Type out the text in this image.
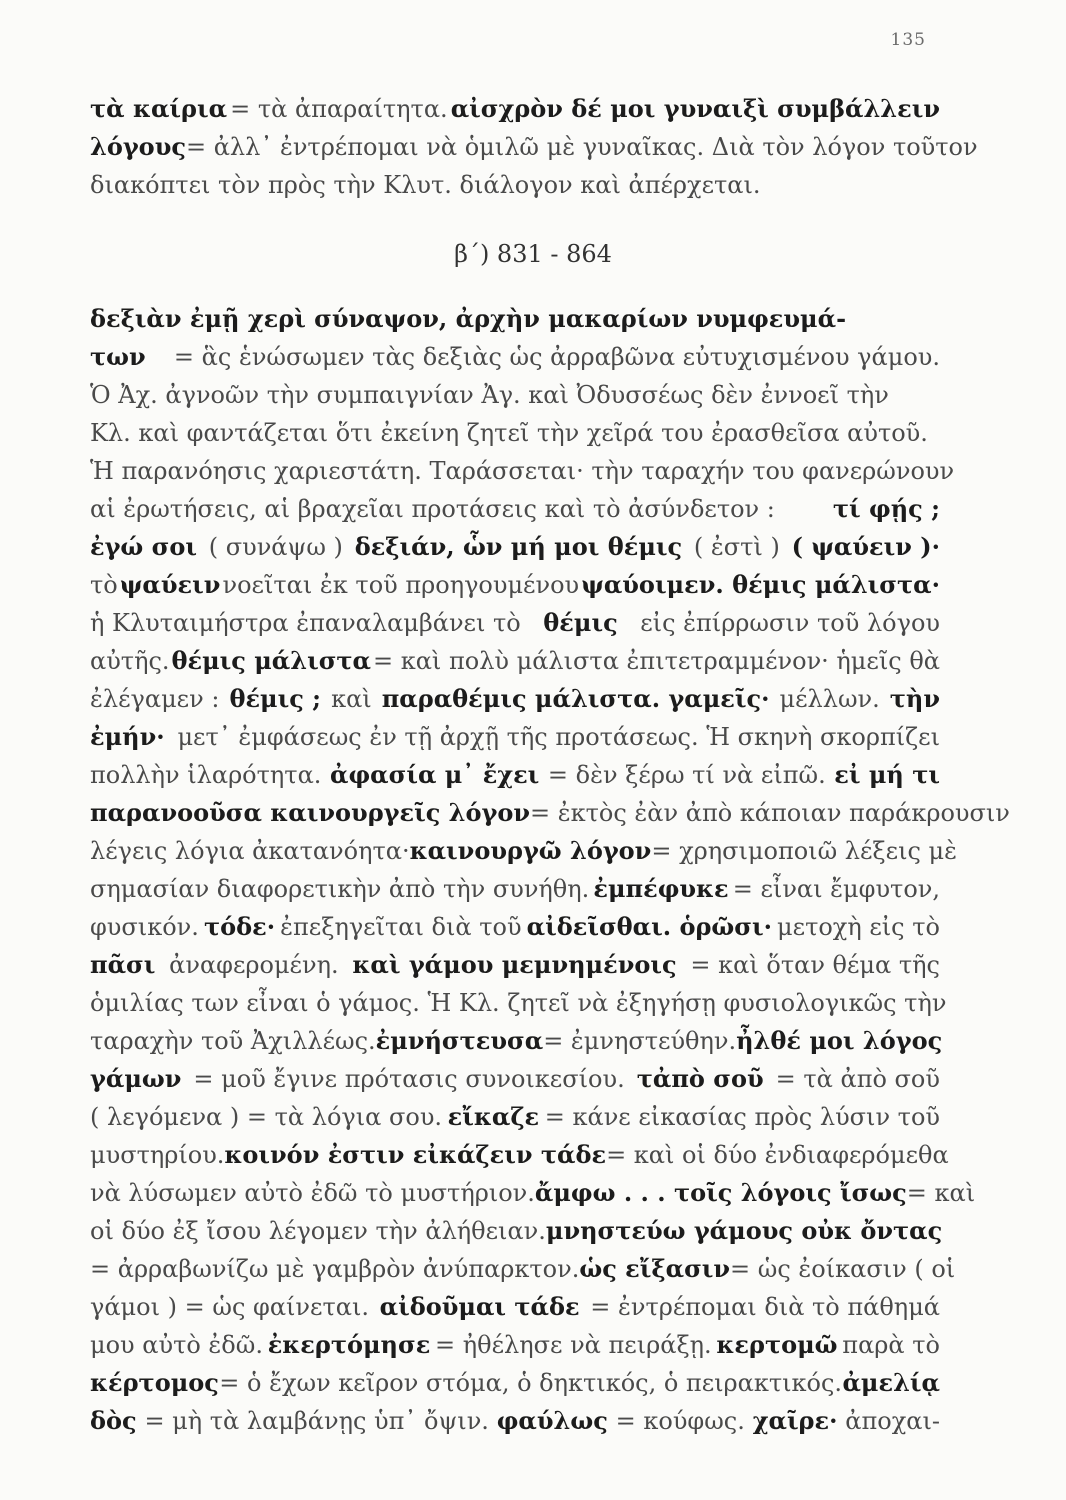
135
τὰ καίρια = τὰ ἀπαραίτητα. αἰσχρὸν δέ μοι γυναιξὶ συμβάλλειν
λόγους = ἀλλ᾽ ἐντρέπομαι νὰ ὁμιλῶ μὲ γυναῖκας. Διὰ τὸν λόγον τοῦτον
διακόπτει τὸν πρὸς τὴν Κλυτ. διάλογον καὶ ἀπέρχεται.
β΄) 831 - 864
δεξιὰν ἐμῇ χερὶ σύναψον, ἀρχὴν μακαρίων νυμφευμά-
των = ἃς ἑνώσωμεν τὰς δεξιὰς ὡς ἀρραβῶνα εὐτυχισμένου γάμου.
Ὁ Ἀχ. ἀγνοῶν τὴν συμπαιγνίαν Ἀγ. καὶ Ὀδυσσέως δὲν ἐννοεῖ τὴν
Κλ. καὶ φαντάζεται ὅτι ἐκείνη ζητεῖ τὴν χεῖρά του ἐρασθεῖσα αὐτοῦ.
Ἡ παρανόησις χαριεστάτη. Ταράσσεται· τὴν ταραχήν του φανερώνουν
αἱ ἐρωτήσεις, αἱ βραχεῖαι προτάσεις καὶ τὸ ἀσύνδετον : τί φῄς ;
ἐγώ σοι ( συνάψω ) δεξιάν, ὧν μή μοι θέμις ( ἐστὶ ) ( ψαύειν )·
τὸ ψαύειν νοεῖται ἐκ τοῦ προηγουμένου ψαύοιμεν. θέμις μάλιστα·
ἡ Κλυταιμήστρα ἐπαναλαμβάνει τὸ θέμις εἰς ἐπίρρωσιν τοῦ λόγου
αὐτῆς. θέμις μάλιστα = καὶ πολὺ μάλιστα ἐπιτετραμμένον· ἡμεῖς θὰ
ἐλέγαμεν : θέμις ; καὶ παραθέμις μάλιστα. γαμεῖς· μέλλων. τὴν
ἐμήν· μετ᾽ ἐμφάσεως ἐν τῇ ἀρχῇ τῆς προτάσεως. Ἡ σκηνὴ σκορπίζει
πολλὴν ἱλαρότητα. ἀφασία μ᾽ ἔχει = δὲν ξέρω τί νὰ εἰπῶ. εἰ μή τι
παρανοοῦσα καινουργεῖς λόγον = ἐκτὸς ἐὰν ἀπὸ κάποιαν παράκρουσιν
λέγεις λόγια ἀκατανόητα· καινουργῶ λόγον = χρησιμοποιῶ λέξεις μὲ
σημασίαν διαφορετικὴν ἀπὸ τὴν συνήθη. ἐμπέφυκε = εἶναι ἔμφυτον,
φυσικόν. τόδε· ἐπεξηγεῖται διὰ τοῦ αἰδεῖσθαι. ὁρῶσι· μετοχὴ εἰς τὸ
πᾶσι ἀναφερομένη. καὶ γάμου μεμνημένοις = καὶ ὅταν θέμα τῆς
ὁμιλίας των εἶναι ὁ γάμος. Ἡ Κλ. ζητεῖ νὰ ἐξηγήσῃ φυσιολογικῶς τὴν
ταραχὴν τοῦ Ἀχιλλέως. ἐμνήστευσα = ἐμνηστεύθην. ἦλθέ μοι λόγος
γάμων = μοῦ ἔγινε πρότασις συνοικεσίου. τἀπὸ σοῦ = τὰ ἀπὸ σοῦ
( λεγόμενα ) = τὰ λόγια σου. εἴκαζε = κάνε εἰκασίας πρὸς λύσιν τοῦ
μυστηρίου. κοινόν ἐστιν εἰκάζειν τάδε = καὶ οἱ δύο ἐνδιαφερόμεθα
νὰ λύσωμεν αὐτὸ ἐδῶ τὸ μυστήριον. ἄμφω . . . τοῖς λόγοις ἴσως = καὶ
οἱ δύο ἐξ ἴσου λέγομεν τὴν ἀλήθειαν. μνηστεύω γάμους οὐκ ὄντας
= ἀρραβωνίζω μὲ γαμβρὸν ἀνύπαρκτον. ὡς εἴξασιν = ὡς ἐοίκασιν ( οἱ
γάμοι ) = ὡς φαίνεται. αἰδοῦμαι τάδε = ἐντρέπομαι διὰ τὸ πάθημά
μου αὐτὸ ἐδῶ. ἐκερτόμησε = ἠθέλησε νὰ πειράξῃ. κερτομῶ παρὰ τὸ
κέρτομος = ὁ ἔχων κεῖρον στόμα, ὁ δηκτικός, ὁ πειρακτικός. ἀμελίᾳ
δὸς = μὴ τὰ λαμβάνῃς ὑπ᾽ ὄψιν. φαύλως = κούφως. χαῖρε· ἀποχαι-
